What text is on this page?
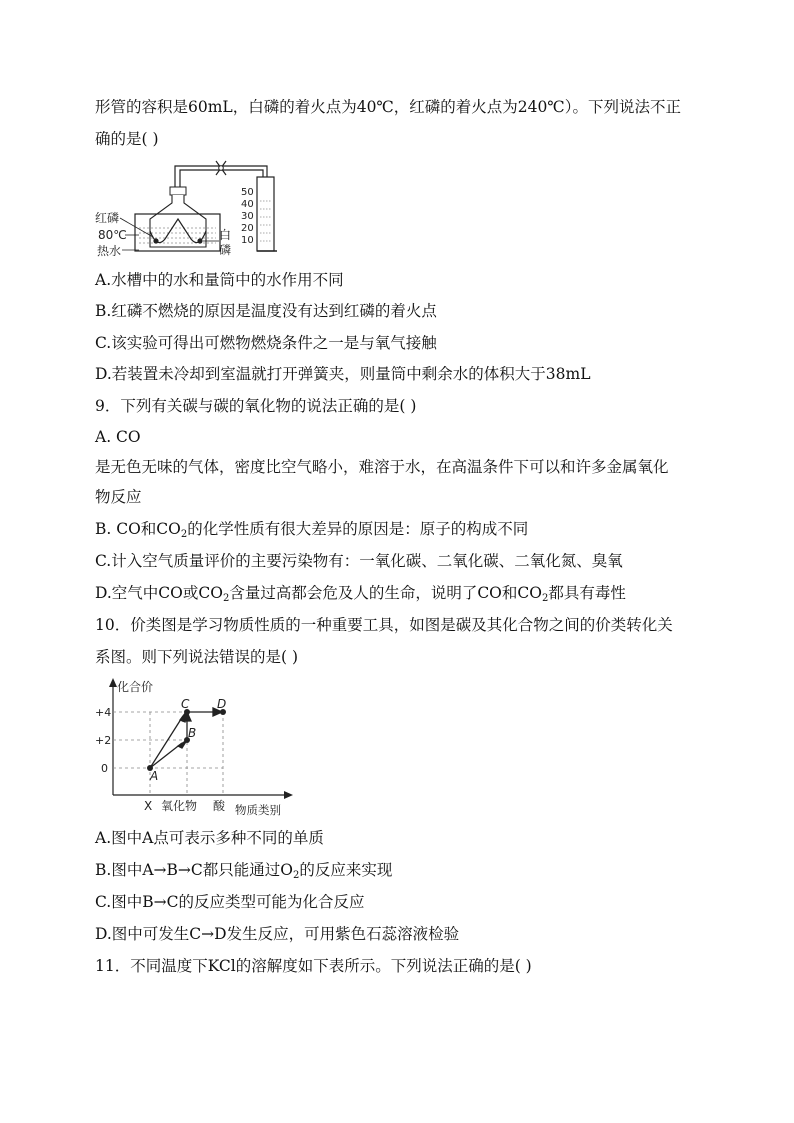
形管的容积是60mL，白磷的着火点为40℃，红磷的着火点为240℃）。下列说法不正
确的是( )
50
40
30
20
10
红磷
80℃
热水
白
磷
A.水槽中的水和量筒中的水作用不同
B.红磷不燃烧的原因是温度没有达到红磷的着火点
C.该实验可得出可燃物燃烧条件之一是与氧气接触
D.若装置未冷却到室温就打开弹簧夹，则量筒中剩余水的体积大于38mL
9．下列有关碳与碳的氧化物的说法正确的是( )
A. CO
是无色无味的气体，密度比空气略小，难溶于水，在高温条件下可以和许多金属氧化
物反应
B. CO和$CO_2$的化学性质有很大差异的原因是：原子的构成不同
C.计入空气质量评价的主要污染物有：一氧化碳、二氧化碳、二氧化氮、臭氧
D.空气中CO或$CO_2$含量过高都会危及人的生命，说明了CO和$CO_2$都具有毒性
10．价类图是学习物质性质的一种重要工具，如图是碳及其化合物之间的价类转化关
系图。则下列说法错误的是( )
化合价
+4
+2
0
X 氧化物 酸 物质类别
A
B
C D
A.图中A点可表示多种不同的单质
B.图中A→B→C都只能通过$O_2$的反应来实现
C.图中B→C的反应类型可能为化合反应
D.图中可发生C→D发生反应，可用紫色石蕊溶液检验
11．不同温度下KCl的溶解度如下表所示。下列说法正确的是( )
